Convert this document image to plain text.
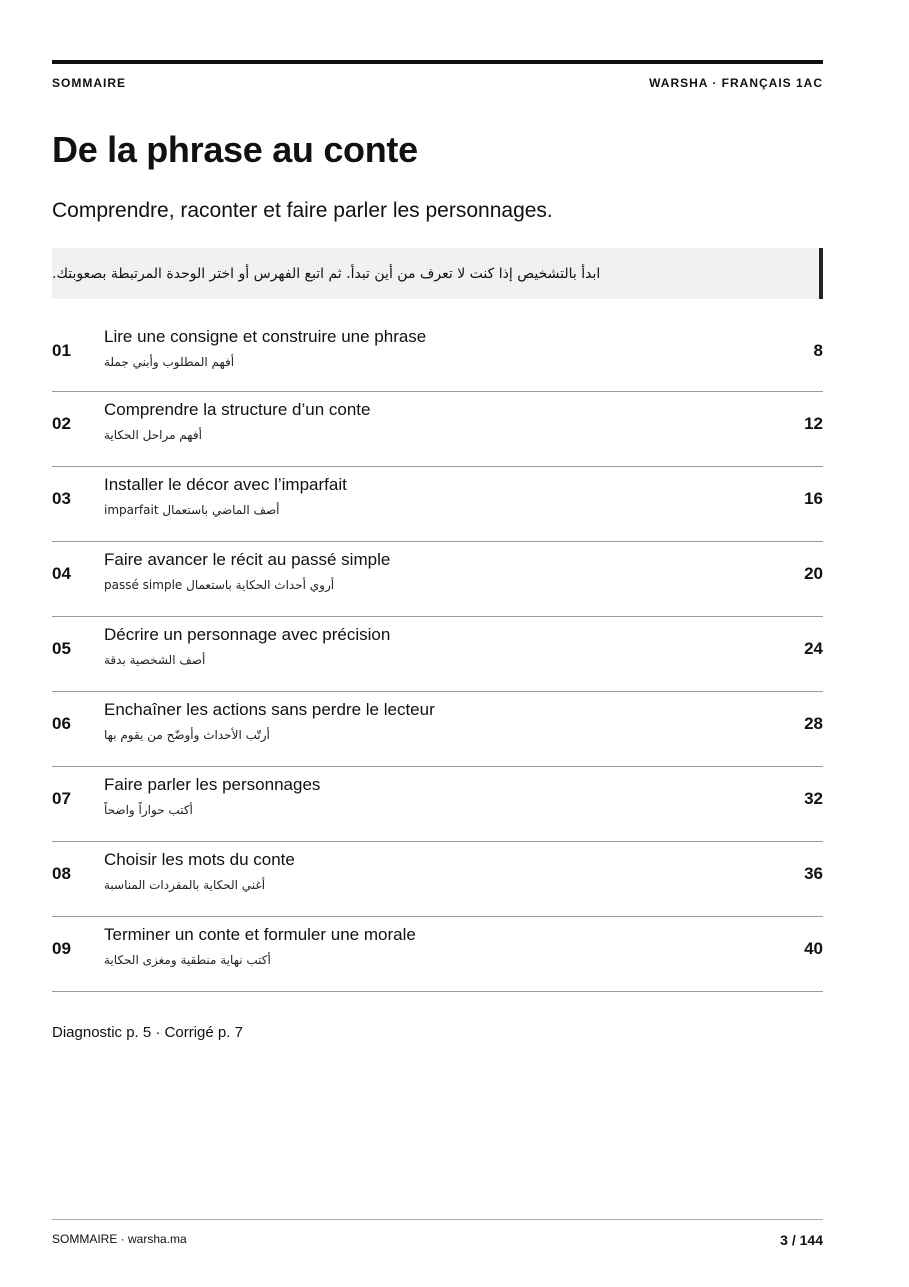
SOMMAIRE	WARSHA · FRANÇAIS 1AC
De la phrase au conte
Comprendre, raconter et faire parler les personnages.
ابدأ بالتشخيص إذا كنت لا تعرف من أين تبدأ. ثم اتبع الفهرس أو اختر الوحدة المرتبطة بصعوبتك.
01
Lire une consigne et construire une phrase
أفهم المطلوب وأبني جملة
8
02
Comprendre la structure d’un conte
أفهم مراحل الحكاية
12
03
Installer le décor avec l’imparfait
أصف الماضي باستعمال imparfait
16
04
Faire avancer le récit au passé simple
أروي أحداث الحكاية باستعمال passé simple
20
05
Décrire un personnage avec précision
أصف الشخصية بدقة
24
06
Enchaîner les actions sans perdre le lecteur
أرتّب الأحداث وأوضّح من يقوم بها
28
07
Faire parler les personnages
أكتب حواراً واضحاً
32
08
Choisir les mots du conte
أغني الحكاية بالمفردات المناسبة
36
09
Terminer un conte et formuler une morale
أكتب نهاية منطقية ومغزى الحكاية
40
Diagnostic p. 5 · Corrigé p. 7
SOMMAIRE · warsha.ma	3 / 144
